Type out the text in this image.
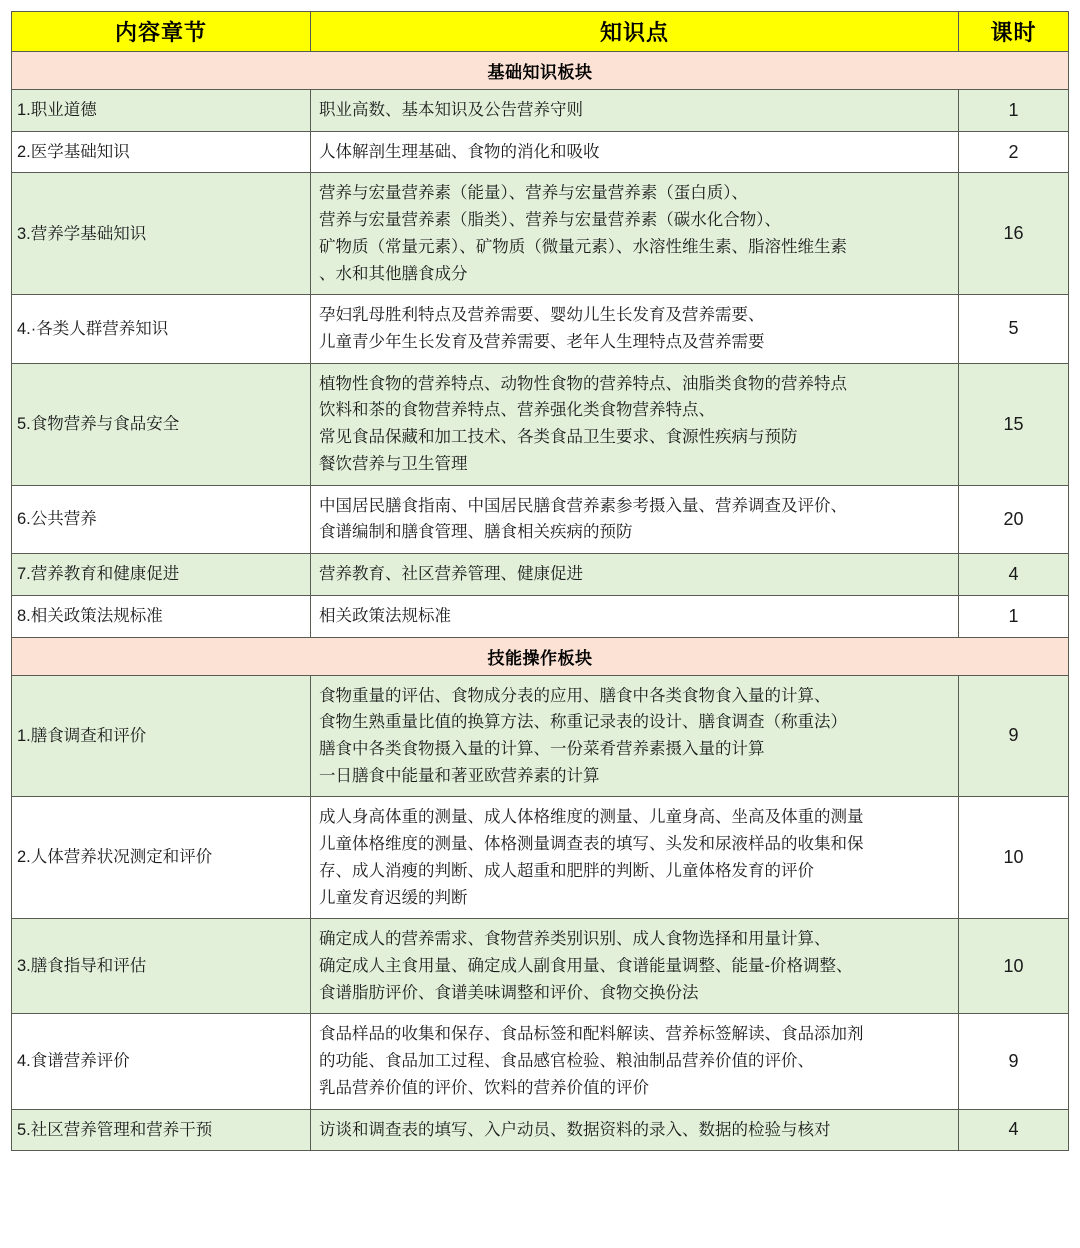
内容章节	知识点	课时
基础知识板块		
1.职业道德	职业高数、基本知识及公告营养守则	1
2.医学基础知识	人体解剖生理基础、食物的消化和吸收	2
3.营养学基础知识	营养与宏量营养素（能量）、营养与宏量营养素（蛋白质）、
营养与宏量营养素（脂类）、营养与宏量营养素（碳水化合物）、
矿物质（常量元素）、矿物质（微量元素）、水溶性维生素、脂溶性维生素
、水和其他膳食成分	16
4.·各类人群营养知识	孕妇乳母胜利特点及营养需要、婴幼儿生长发育及营养需要、
儿童青少年生长发育及营养需要、老年人生理特点及营养需要	5
5.食物营养与食品安全	植物性食物的营养特点、动物性食物的营养特点、油脂类食物的营养特点
饮料和茶的食物营养特点、营养强化类食物营养特点、
常见食品保藏和加工技术、各类食品卫生要求、食源性疾病与预防
餐饮营养与卫生管理	15
6.公共营养	中国居民膳食指南、中国居民膳食营养素参考摄入量、营养调查及评价、
食谱编制和膳食管理、膳食相关疾病的预防	20
7.营养教育和健康促进	营养教育、社区营养管理、健康促进	4
8.相关政策法规标准	相关政策法规标准	1
技能操作板块		
1.膳食调查和评价	食物重量的评估、食物成分表的应用、膳食中各类食物食入量的计算、
食物生熟重量比值的换算方法、称重记录表的设计、膳食调查（称重法）
膳食中各类食物摄入量的计算、一份菜肴营养素摄入量的计算
一日膳食中能量和著亚欧营养素的计算	9
2.人体营养状况测定和评价	成人身高体重的测量、成人体格维度的测量、儿童身高、坐高及体重的测量
儿童体格维度的测量、体格测量调查表的填写、头发和尿液样品的收集和保
存、成人消瘦的判断、成人超重和肥胖的判断、儿童体格发育的评价
儿童发育迟缓的判断	10
3.膳食指导和评估	确定成人的营养需求、食物营养类别识别、成人食物选择和用量计算、
确定成人主食用量、确定成人副食用量、食谱能量调整、能量-价格调整、
食谱脂肪评价、食谱美味调整和评价、食物交换份法	10
4.食谱营养评价	食品样品的收集和保存、食品标签和配料解读、营养标签解读、食品添加剂
的功能、食品加工过程、食品感官检验、粮油制品营养价值的评价、
乳品营养价值的评价、饮料的营养价值的评价	9
5.社区营养管理和营养干预	访谈和调查表的填写、入户动员、数据资料的录入、数据的检验与核对	4
